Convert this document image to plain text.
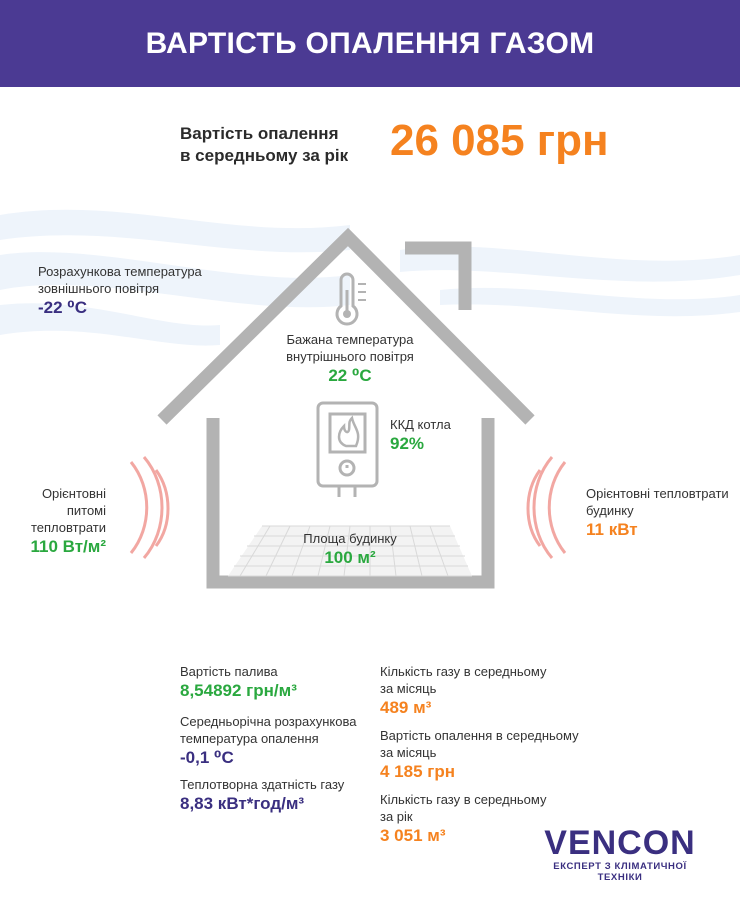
ВАРТІСТЬ ОПАЛЕННЯ ГАЗОМ
Вартість опалення
в середньому за рік 26 085 грн
Розрахункова температура
зовнішнього повітря
-22 ⁰C
Бажана температура
внутрішнього повітря
22 ⁰C
ККД котла
92%
Орієнтовні питомі
тепловтрати
110 Вт/м²
Орієнтовні тепловтрати
будинку
11 кВт
Площа будинку
100 м²
Вартість палива
8,54892 грн/м³
Середньорічна розрахункова
температура опалення
-0,1 ⁰C
Теплотворна здатність газу
8,83 кВт*год/м³
Кількість газу в середньому
за місяць
489 м³
Вартість опалення в середньому
за місяць
4 185 грн
Кількість газу в середньому
за рік
3 051 м³	VENCON
ЕКСПЕРТ З КЛІМАТИЧНОЇ ТЕХНІКИ
